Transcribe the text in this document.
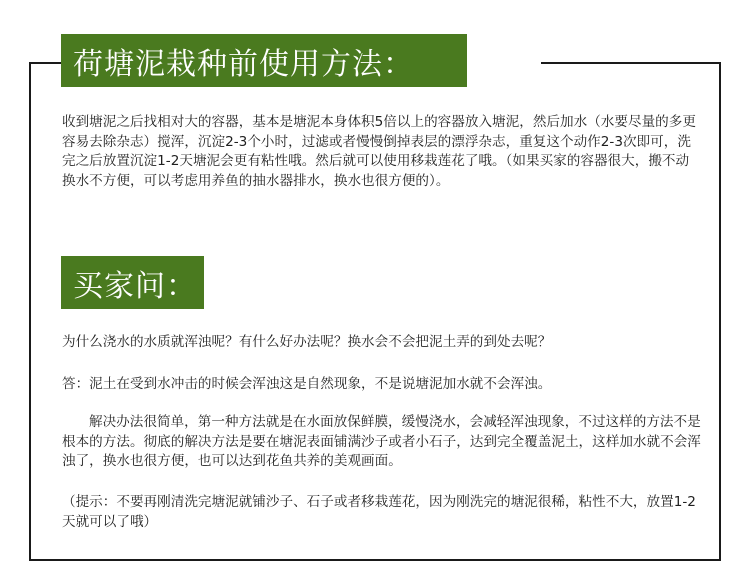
荷塘泥栽种前使用方法：

收到塘泥之后找相对大的容器，基本是塘泥本身体积5倍以上的容器放入塘泥，然后加水（水要尽量的多更容易去除杂志）搅浑，沉淀2-3个小时，过滤或者慢慢倒掉表层的漂浮杂志，重复这个动作2-3次即可，洗完之后放置沉淀1-2天塘泥会更有粘性哦。然后就可以使用移栽莲花了哦。（如果买家的容器很大，搬不动换水不方便，可以考虑用养鱼的抽水器排水，换水也很方便的）。

买家问：

为什么浇水的水质就浑浊呢？有什么好办法呢？换水会不会把泥土弄的到处去呢？

答：泥土在受到水冲击的时候会浑浊这是自然现象，不是说塘泥加水就不会浑浊。

解决办法很简单，第一种方法就是在水面放保鲜膜，缓慢浇水，会减轻浑浊现象，不过这样的方法不是根本的方法。彻底的解决方法是要在塘泥表面铺满沙子或者小石子，达到完全覆盖泥土，这样加水就不会浑浊了，换水也很方便，也可以达到花鱼共养的美观画面。

（提示：不要再刚清洗完塘泥就铺沙子、石子或者移栽莲花，因为刚洗完的塘泥很稀，粘性不大，放置1-2天就可以了哦）
